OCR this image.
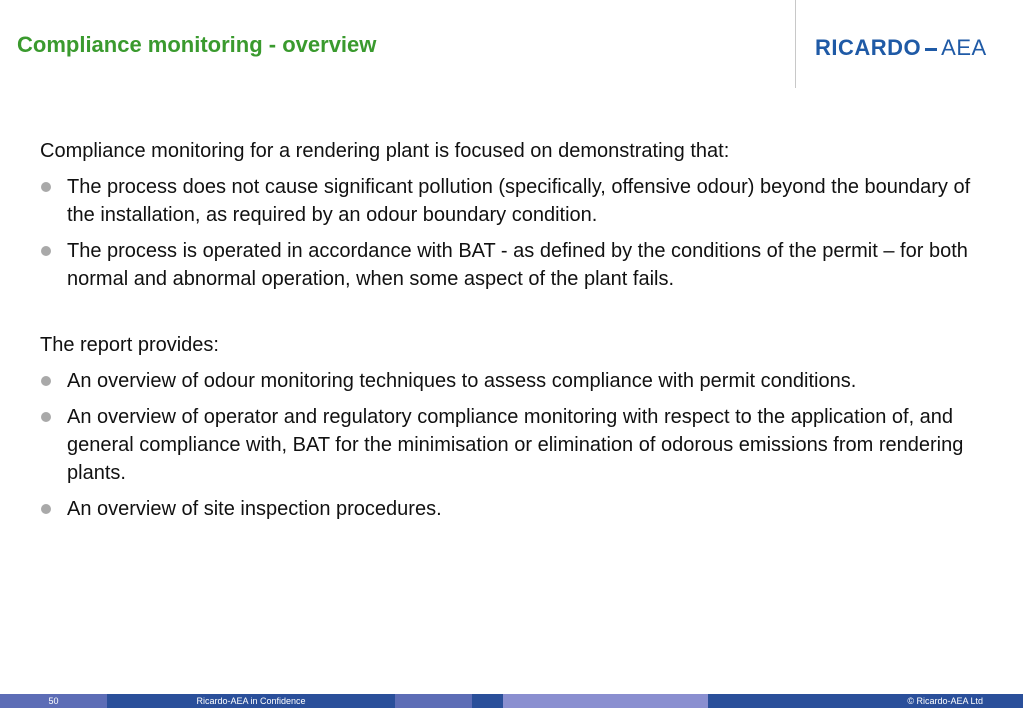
Compliance monitoring - overview	RICARDO AEA

Compliance monitoring for a rendering plant is focused on demonstrating that:

The process does not cause significant pollution (specifically, offensive odour) beyond the boundary of the installation, as required by an odour boundary condition.
The process is operated in accordance with BAT - as defined by the conditions of the permit – for both normal and abnormal operation, when some aspect of the plant fails.

The report provides:

An overview of odour monitoring techniques to assess compliance with permit conditions.
An overview of operator and regulatory compliance monitoring with respect to the application of, and general compliance with, BAT for the minimisation or elimination of odorous emissions from rendering plants.
An overview of site inspection procedures.
50	Ricardo-AEA in Confidence	© Ricardo-AEA Ltd
